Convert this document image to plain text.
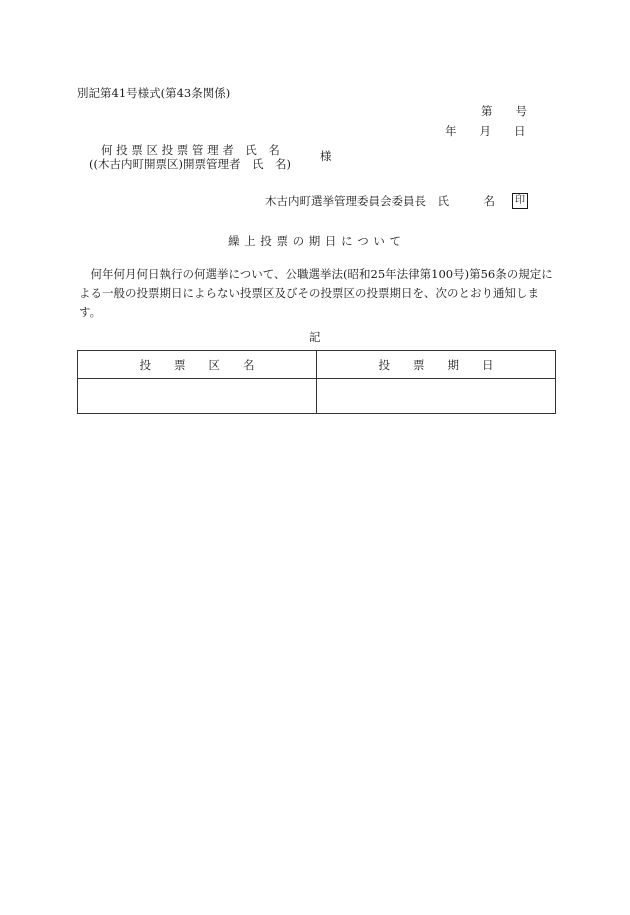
別記第41号様式(第43条関係)
第　　号
年　　月　　日
何 投 票 区 投 票 管 理 者　氏　名
((木古内町開票区)開票管理者　氏　名)
様
木古内町選挙管理委員会委員長　氏　　　名	印
繰 上 投 票 の 期 日 に つ い て
何年何月何日執行の何選挙について、公職選挙法(昭和25年法律第100号)第56条の規定による一般の投票期日によらない投票区及びその投票区の投票期日を、次のとおり通知します。
記
投　　票　　区　　名	投　　票　　期　　日
